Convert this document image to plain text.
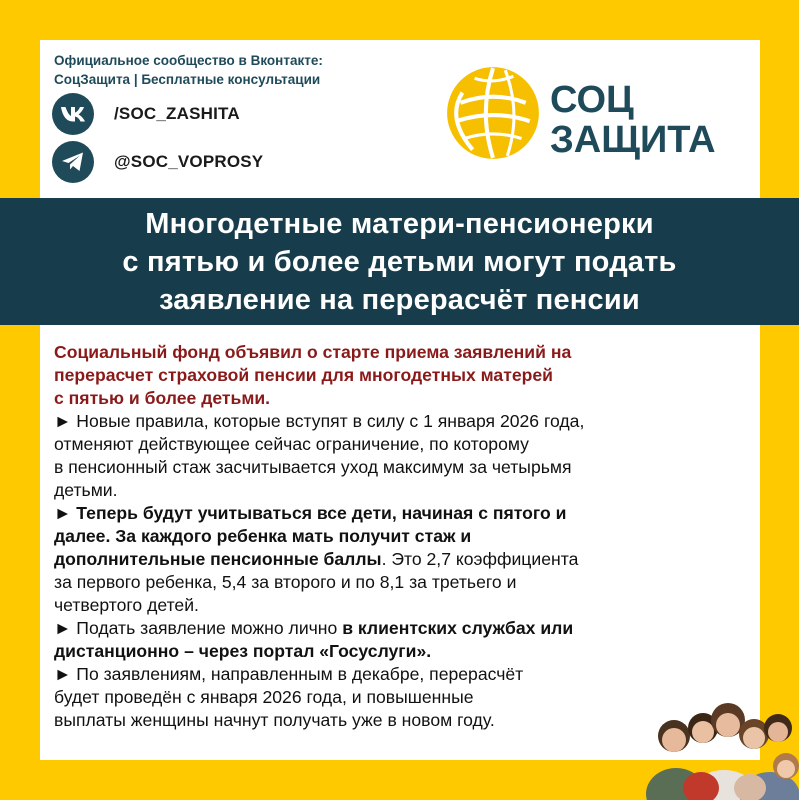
Официальное сообщество в Вконтакте:
СоцЗащита | Бесплатные консультации
/SOC_ZASHITA
@SOC_VOPROSY
СОЦ
ЗАЩИТА
Многодетные матери-пенсионерки
с пятью и более детьми могут подать
заявление на перерасчёт пенсии

Социальный фонд объявил о старте приема заявлений на
перерасчет страховой пенсии для многодетных матерей
с пятью и более детьми.

► Новые правила, которые вступят в силу с 1 января 2026 года,
отменяют действующее сейчас ограничение, по которому
в пенсионный стаж засчитывается уход максимум за четырьмя
детьми.

► Теперь будут учитываться все дети, начиная с пятого и
далее. За каждого ребенка мать получит стаж и
дополнительные пенсионные баллы. Это 2,7 коэффициента
за первого ребенка, 5,4 за второго и по 8,1 за третьего и
четвертого детей.

► Подать заявление можно лично в клиентских службах или
дистанционно – через портал «Госуслуги».

► По заявлениям, направленным в декабре, перерасчёт
будет проведён с января 2026 года, и повышенные
выплаты женщины начнут получать уже в новом году.
